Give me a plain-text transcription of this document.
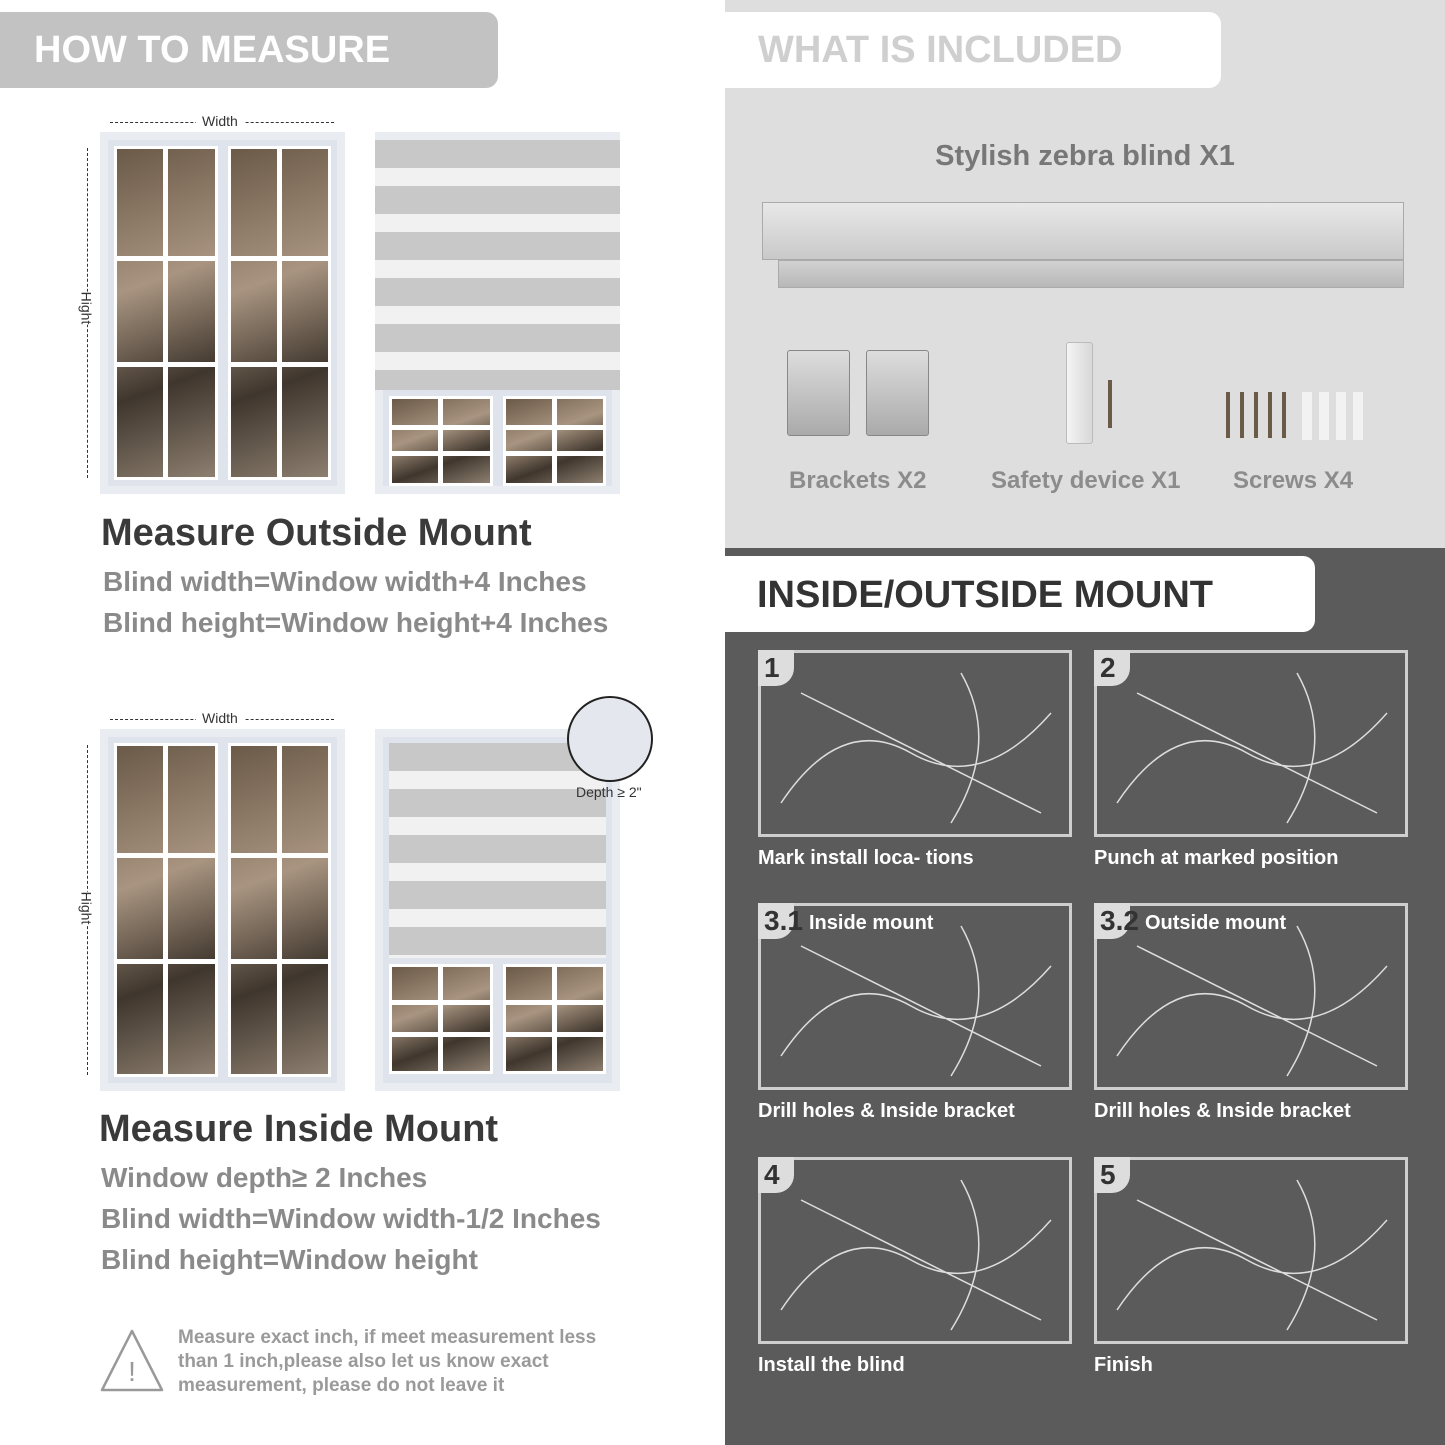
HOW TO MEASURE
Width
Hight
Measure Outside Mount
Blind width=Window width+4 Inches
Blind height=Window height+4 Inches
Width
Hight
Depth ≥ 2"
Measure Inside Mount
Window depth≥ 2 Inches
Blind width=Window width-1/2 Inches
Blind height=Window height
!
Measure exact inch, if meet measurement less than 1 inch,please also let us know exact measurement, please do not leave it
WHAT IS INCLUDED
Stylish zebra blind X1
Brackets X2	Safety device X1 Screws X4
INSIDE/OUTSIDE MOUNT
1
Mark install loca- tions
2
Punch at marked position
3.1 Inside mount
Drill holes & Inside bracket
3.2 Outside mount
Drill holes & Inside bracket
4
Install the blind
5
Finish
